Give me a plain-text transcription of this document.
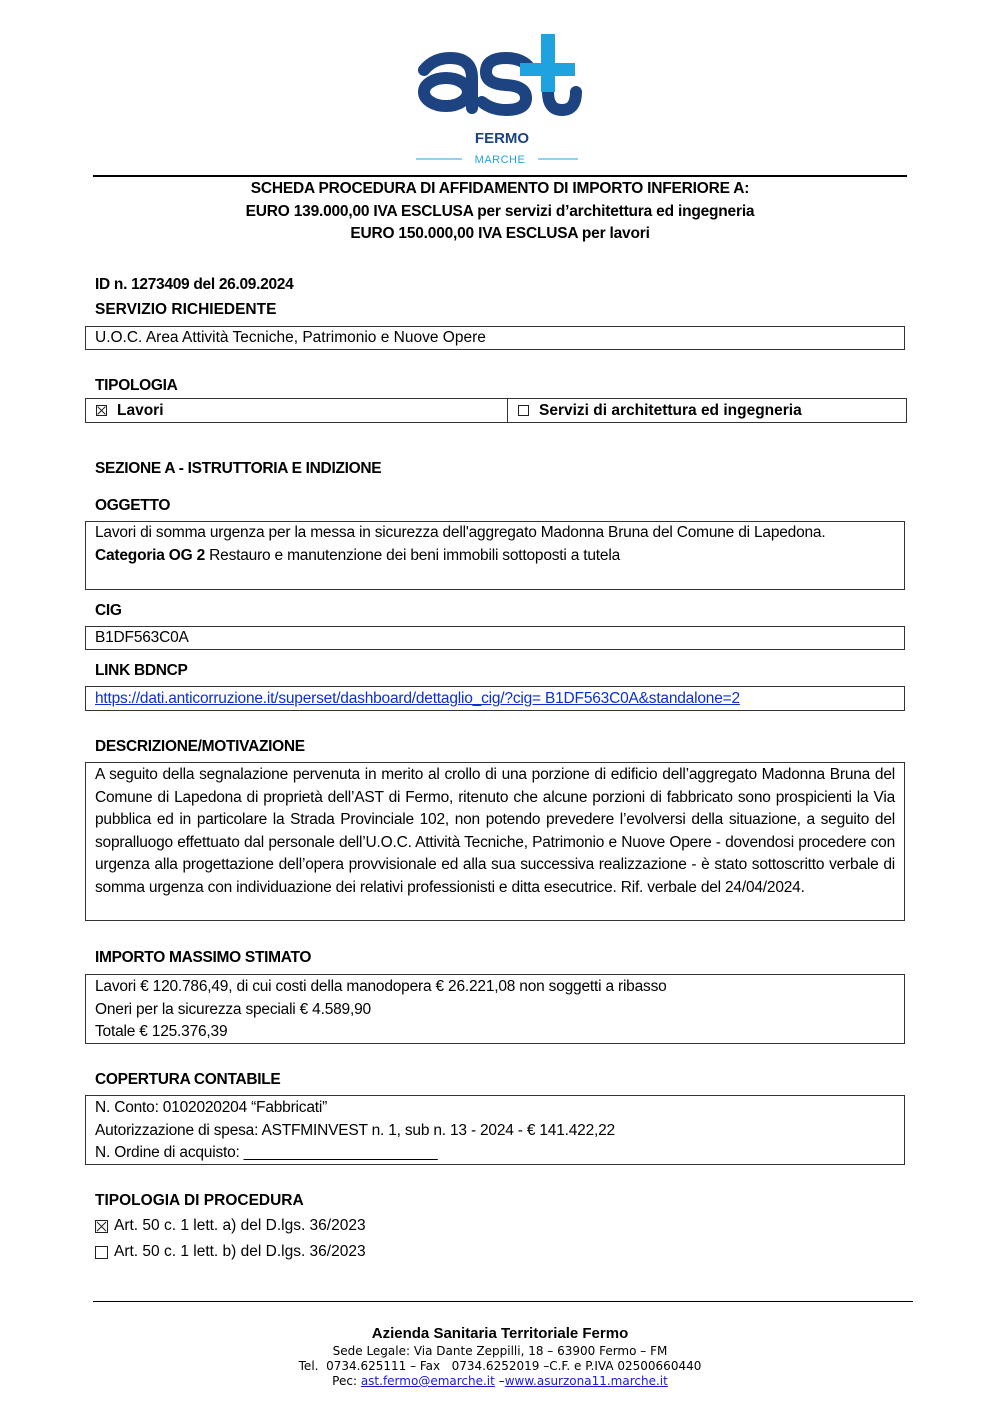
FERMO
MARCHE
SCHEDA PROCEDURA DI AFFIDAMENTO DI IMPORTO INFERIORE A:
EURO 139.000,00 IVA ESCLUSA per servizi d’architettura ed ingegneria
EURO 150.000,00 IVA ESCLUSA per lavori
ID n. 1273409 del 26.09.2024
SERVIZIO RICHIEDENTE
U.O.C. Area Attività Tecniche, Patrimonio e Nuove Opere
TIPOLOGIA
Lavori	Servizi di architettura ed ingegneria
SEZIONE A - ISTRUTTORIA E INDIZIONE
OGGETTO
Lavori di somma urgenza per la messa in sicurezza dell'aggregato Madonna Bruna del Comune di Lapedona.
Categoria OG 2 Restauro e manutenzione dei beni immobili sottoposti a tutela
CIG
B1DF563C0A
LINK BDNCP
https://dati.anticorruzione.it/superset/dashboard/dettaglio_cig/?cig= B1DF563C0A&standalone=2
DESCRIZIONE/MOTIVAZIONE
A seguito della segnalazione pervenuta in merito al crollo di una porzione di edificio dell’aggregato Madonna Bruna del Comune di Lapedona di proprietà dell’AST di Fermo, ritenuto che alcune porzioni di fabbricato sono prospicienti la Via pubblica ed in particolare la Strada Provinciale 102, non potendo prevedere l’evolversi della situazione, a seguito del sopralluogo effettuato dal personale dell’U.O.C. Attività Tecniche, Patrimonio e Nuove Opere - dovendosi procedere con urgenza alla progettazione dell’opera provvisionale ed alla sua successiva realizzazione - è stato sottoscritto verbale di somma urgenza con individuazione dei relativi professionisti e ditta esecutrice. Rif. verbale del 24/04/2024.
IMPORTO MASSIMO STIMATO
Lavori € 120.786,49, di cui costi della manodopera € 26.221,08 non soggetti a ribasso
Oneri per la sicurezza speciali € 4.589,90
Totale € 125.376,39
COPERTURA CONTABILE
N. Conto: 0102020204 “Fabbricati”
Autorizzazione di spesa: ASTFMINVEST n. 1, sub n. 13 - 2024 - € 141.422,22
N. Ordine di acquisto: _______________________
TIPOLOGIA DI PROCEDURA
Art. 50 c. 1 lett. a) del D.lgs. 36/2023
Art. 50 c. 1 lett. b) del D.lgs. 36/2023
Azienda Sanitaria Territoriale Fermo
Sede Legale: Via Dante Zeppilli, 18 – 63900 Fermo – FM
Tel.  0734.625111 – Fax   0734.6252019 –C.F. e P.IVA 02500660440
Pec: ast.fermo@emarche.it –www.asurzona11.marche.it
